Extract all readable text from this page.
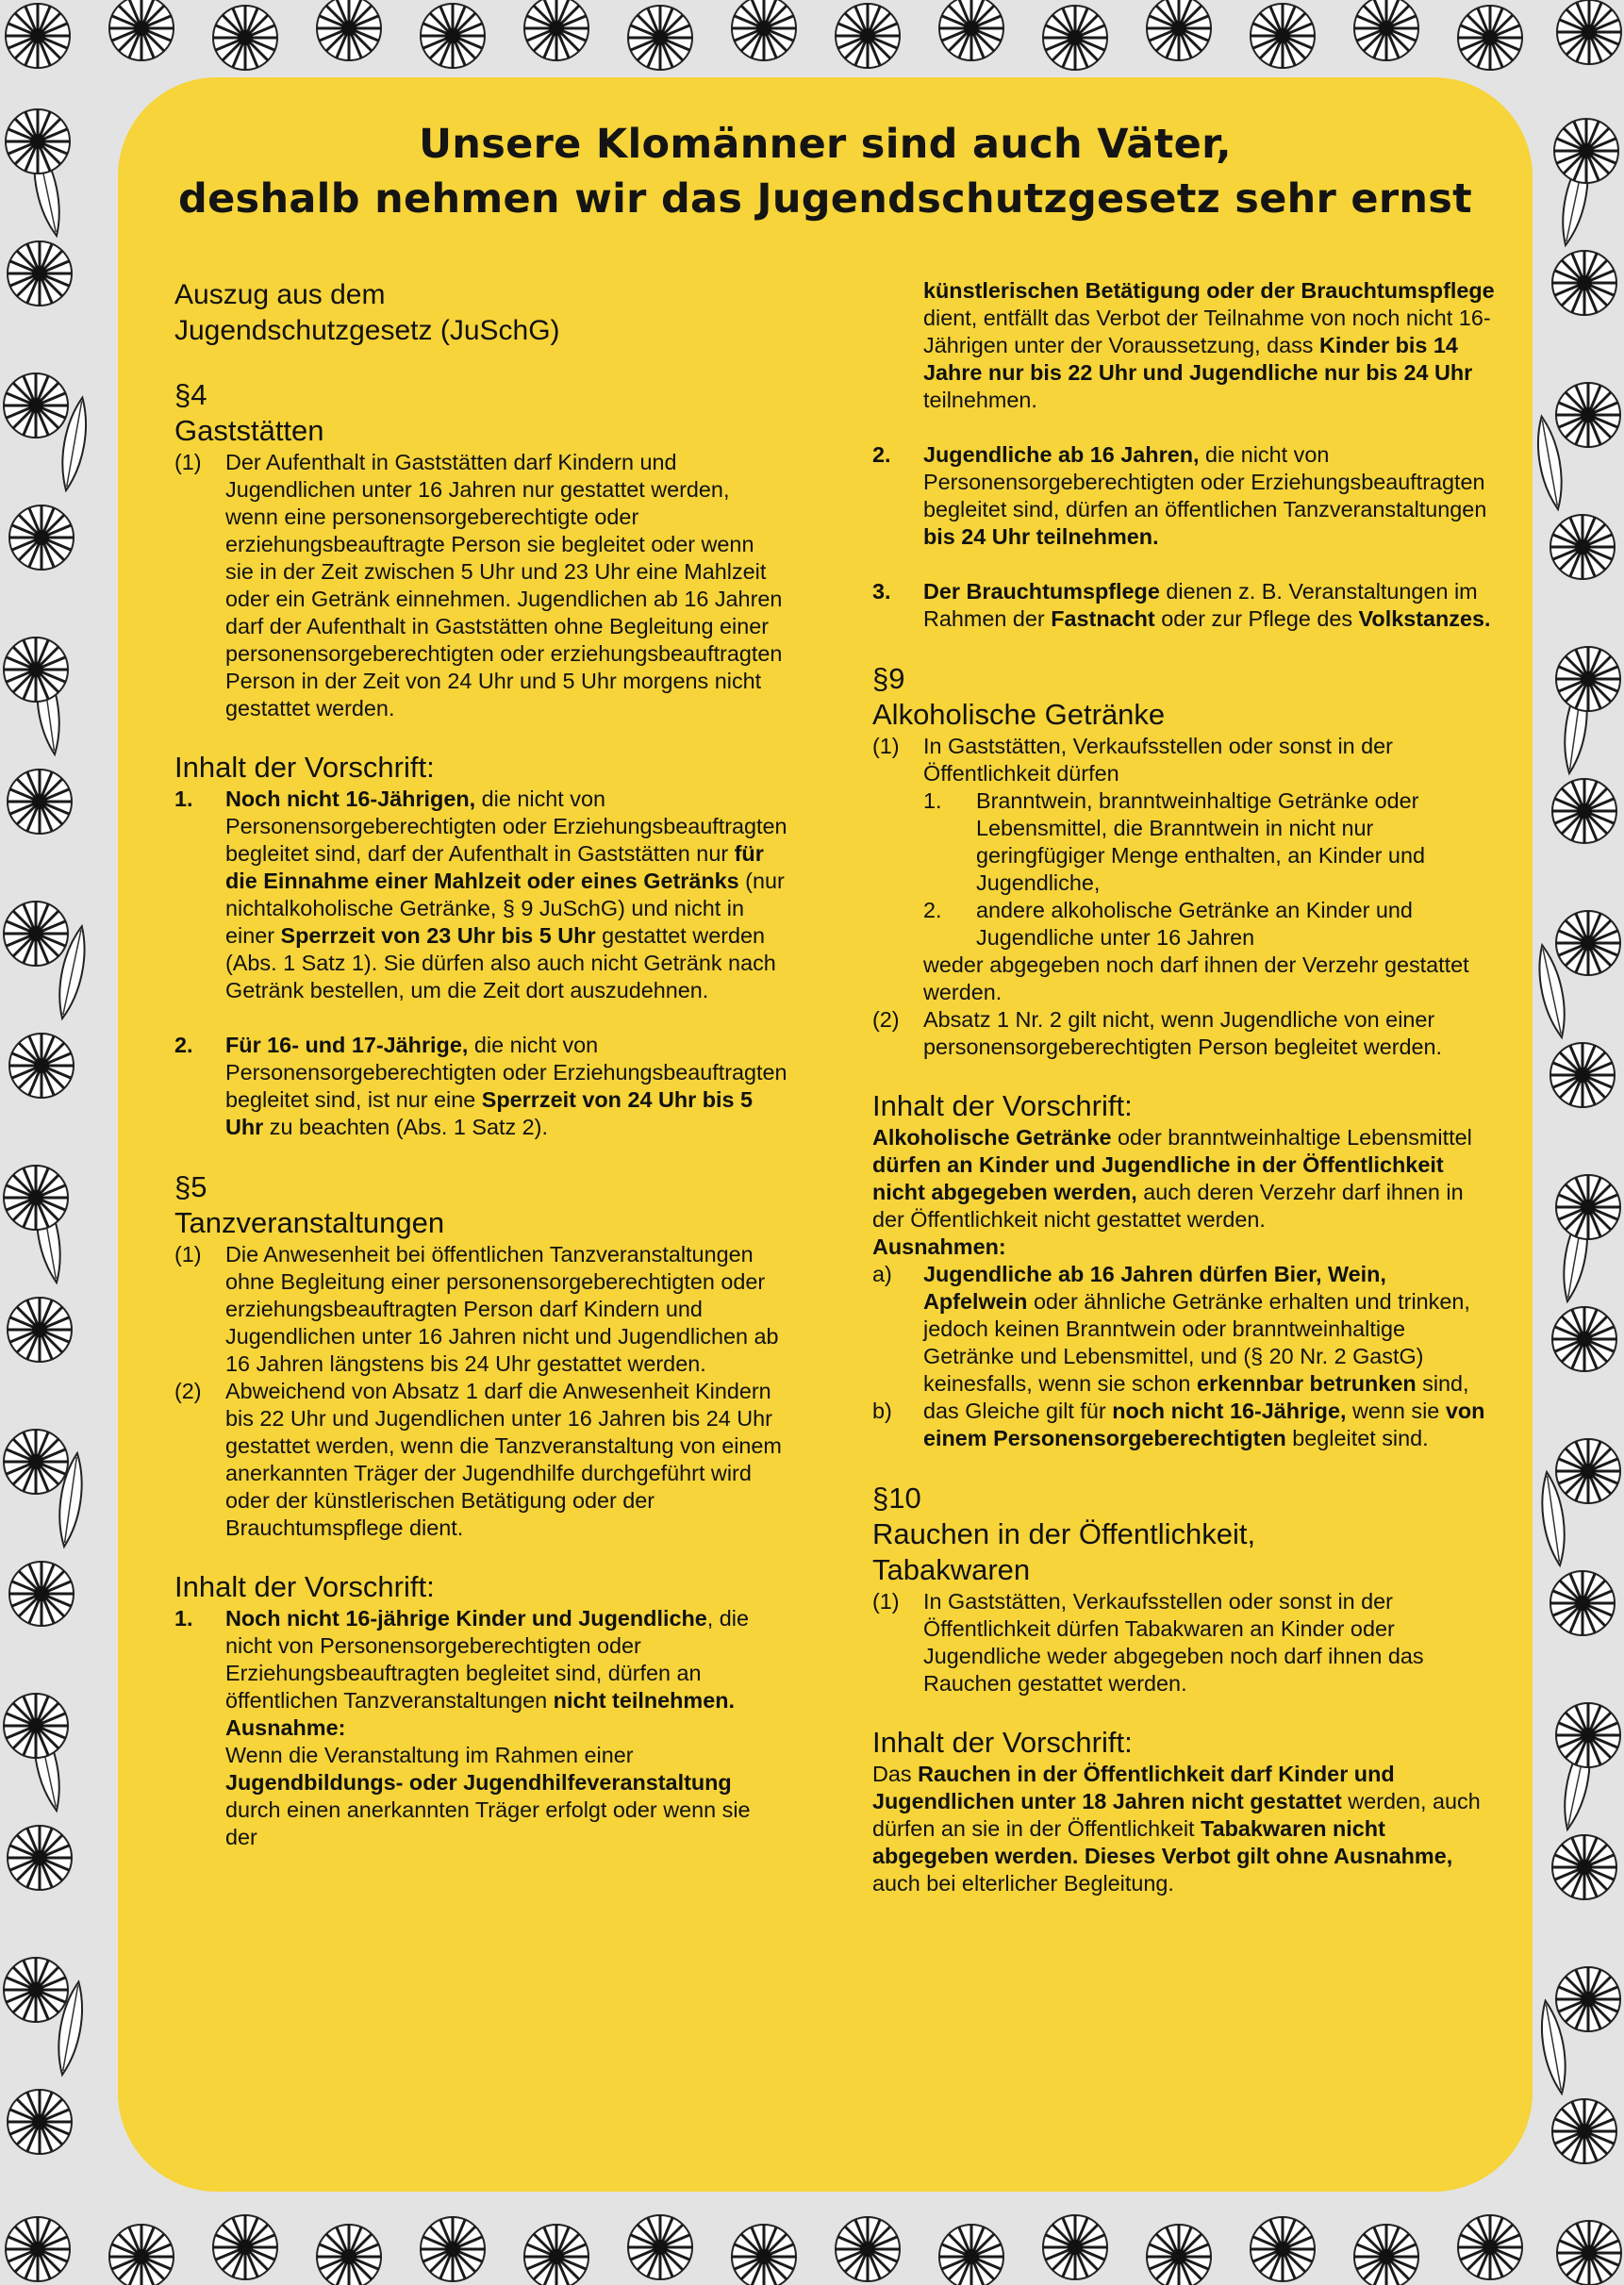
Unsere Klomänner sind auch Väter,
deshalb nehmen wir das Jugendschutzgesetz sehr ernst

Auszug aus dem

Jugendschutzgesetz (JuSchG)

§4

Gaststätten

(1)	Der Aufenthalt in Gaststätten darf Kindern und Jugendlichen unter 16 Jahren nur gestattet werden, wenn eine personensorgeberechtigte oder erziehungsbeauftragte Person sie begleitet oder wenn sie in der Zeit zwischen 5 Uhr und 23 Uhr eine Mahlzeit oder ein Getränk einnehmen. Jugendlichen ab 16 Jahren darf der Aufenthalt in Gaststätten ohne Begleitung einer personensorgeberechtigten oder erziehungsbeauftragten Person in der Zeit von 24 Uhr und 5 Uhr morgens nicht gestattet werden.

Inhalt der Vorschrift:

1.	Noch nicht 16-Jährigen, die nicht von Personensorgeberechtigten oder Erziehungsbeauftragten begleitet sind, darf der Aufenthalt in Gaststätten nur für die Einnahme einer Mahlzeit oder eines Getränks (nur nichtalkoholische Getränke, § 9 JuSchG) und nicht in einer Sperrzeit von 23 Uhr bis 5 Uhr gestattet werden (Abs. 1 Satz 1). Sie dürfen also auch nicht Getränk nach Getränk bestellen, um die Zeit dort auszudehnen.
2.	Für 16- und 17-Jährige, die nicht von Personensorgeberechtigten oder Erziehungsbeauftragten begleitet sind, ist nur eine Sperrzeit von 24 Uhr bis 5 Uhr zu beachten (Abs. 1 Satz 2).

§5

Tanzveranstaltungen

(1)	Die Anwesenheit bei öffentlichen Tanzveranstaltungen ohne Begleitung einer personensorgeberechtigten oder erziehungsbeauftragten Person darf Kindern und Jugendlichen unter 16 Jahren nicht und Jugendlichen ab 16 Jahren längstens bis 24 Uhr gestattet werden.
(2)	Abweichend von Absatz 1 darf die Anwesenheit Kindern bis 22 Uhr und Jugendlichen unter 16 Jahren bis 24 Uhr gestattet werden, wenn die Tanzveranstaltung von einem anerkannten Träger der Jugendhilfe durchgeführt wird oder der künstlerischen Betätigung oder der Brauchtumspflege dient.

Inhalt der Vorschrift:

1.	Noch nicht 16-jährige Kinder und Jugendliche, die nicht von Personensorgeberechtigten oder Erziehungsbeauftragten begleitet sind, dürfen an öffentlichen Tanzveranstaltungen nicht teilnehmen.
Ausnahme:
Wenn die Veranstaltung im Rahmen einer Jugendbildungs- oder Jugendhilfeveranstaltung durch einen anerkannten Träger erfolgt oder wenn sie der
künstlerischen Betätigung oder der Brauchtumspflege dient, entfällt das Verbot der Teilnahme von noch nicht 16-Jährigen unter der Voraussetzung, dass Kinder bis 14 Jahre nur bis 22 Uhr und Jugendliche nur bis 24 Uhr teilnehmen.
2.	Jugendliche ab 16 Jahren, die nicht von Personensorgeberechtigten oder Erziehungsbeauftragten begleitet sind, dürfen an öffentlichen Tanzveranstaltungen bis 24 Uhr teilnehmen.
3.	Der Brauchtumspflege dienen z. B. Veranstaltungen im Rahmen der Fastnacht oder zur Pflege des Volkstanzes.

§9

Alkoholische Getränke

(1)	In Gaststätten, Verkaufsstellen oder sonst in der Öffentlichkeit dürfen
1.	Branntwein, branntweinhaltige Getränke oder Lebensmittel, die Branntwein in nicht nur geringfügiger Menge enthalten, an Kinder und Jugendliche,
2.	andere alkoholische Getränke an Kinder und Jugendliche unter 16 Jahren
weder abgegeben noch darf ihnen der Verzehr gestattet werden.
(2)	Absatz 1 Nr. 2 gilt nicht, wenn Jugendliche von einer personensorgeberechtigten Person begleitet werden.

Inhalt der Vorschrift:

Alkoholische Getränke oder branntweinhaltige Lebensmittel dürfen an Kinder und Jugendliche in der Öffentlichkeit nicht abgegeben werden, auch deren Verzehr darf ihnen in der Öffentlichkeit nicht gestattet werden.

Ausnahmen:

a)	Jugendliche ab 16 Jahren dürfen Bier, Wein, Apfelwein oder ähnliche Getränke erhalten und trinken, jedoch keinen Branntwein oder branntweinhaltige Getränke und Lebensmittel, und (§ 20 Nr. 2 GastG) keinesfalls, wenn sie schon erkennbar betrunken sind,
b)	das Gleiche gilt für noch nicht 16-Jährige, wenn sie von einem Personensorgeberechtigten begleitet sind.

§10

Rauchen in der Öffentlichkeit,

Tabakwaren

(1)	In Gaststätten, Verkaufsstellen oder sonst in der Öffentlichkeit dürfen Tabakwaren an Kinder oder Jugendliche weder abgegeben noch darf ihnen das Rauchen gestattet werden.

Inhalt der Vorschrift:

Das Rauchen in der Öffentlichkeit darf Kinder und Jugendlichen unter 18 Jahren nicht gestattet werden, auch dürfen an sie in der Öffentlichkeit Tabakwaren nicht abgegeben werden. Dieses Verbot gilt ohne Ausnahme, auch bei elterlicher Begleitung.
